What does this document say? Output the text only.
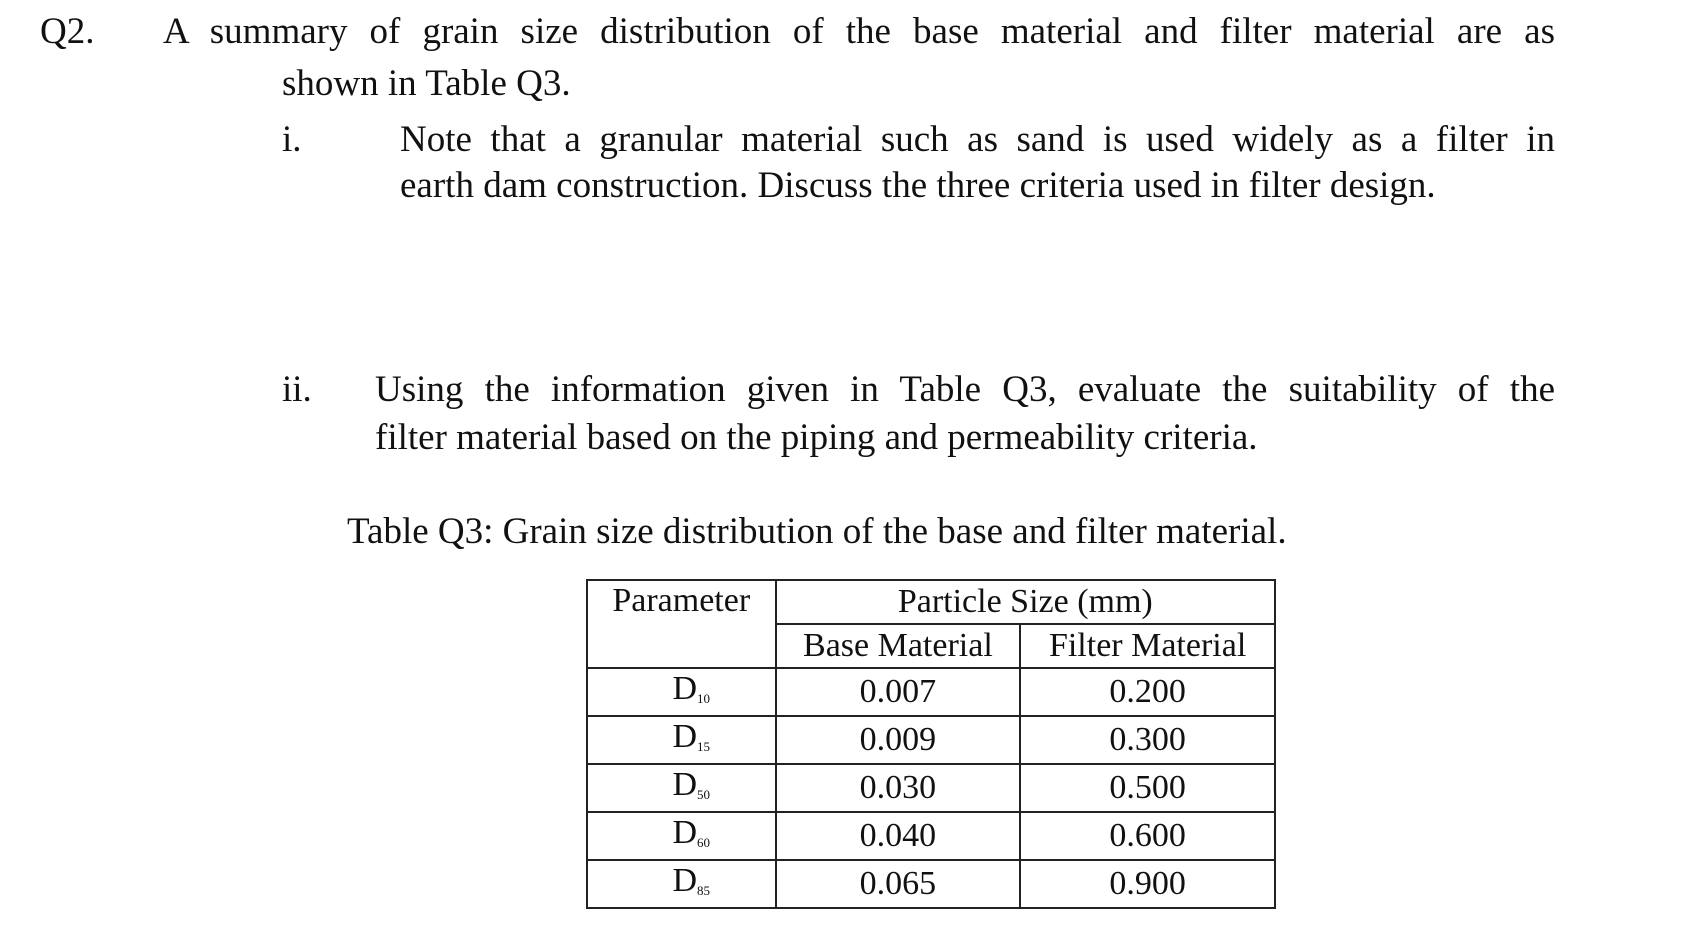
Q2. A summary of grain size distribution of the base material and filter material are as
shown in Table Q3.
i.	Note that a granular material such as sand is used widely as a filter in
earth dam construction. Discuss the three criteria used in filter design.
ii. Using the information given in Table Q3, evaluate the suitability of the
filter material based on the piping and permeability criteria.
Table Q3: Grain size distribution of the base and filter material.
Parameter	Particle Size (mm)	
	Base Material	Filter Material
$D_{10}$	0.007	0.200
$D_{15}$	0.009	0.300
$D_{50}$	0.030	0.500
$D_{60}$	0.040	0.600
$D_{85}$	0.065	0.900
